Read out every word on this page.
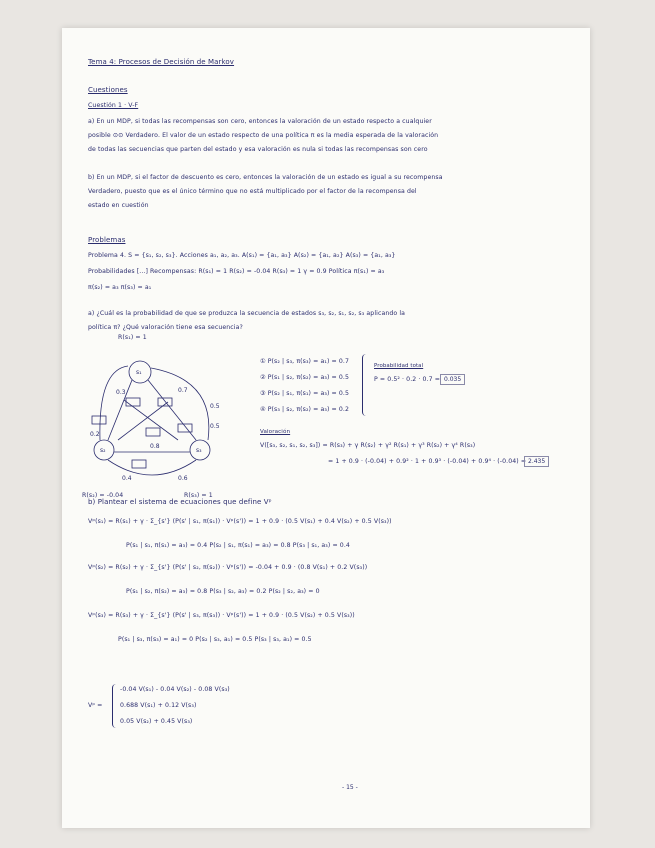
Tema 4: Procesos de Decisión de Markov
Cuestiones
Cuestión 1 · V-F
a) En un MDP, si todas las recompensas son cero, entonces la valoración de un estado respecto a cualquier
posible ⊙⊙ Verdadero. El valor de un estado respecto de una política π es la media esperada de la valoración
de todas las secuencias que parten del estado y esa valoración es nula si todas las recompensas son cero
b) En un MDP, si el factor de descuento es cero, entonces la valoración de un estado es igual a su recompensa
Verdadero, puesto que es el único término que no está multiplicado por el factor de la recompensa del
estado en cuestión
Problemas
Problema 4. S = {s₁, s₂, s₃}. Acciones a₁, a₂, a₃. A(s₁) = {a₁, a₃} A(s₂) = {a₁, a₂} A(s₃) = {a₁, a₃}
Probabilidades [...] Recompensas: R(s₁) = 1 R(s₂) = -0.04 R(s₃) = 1 γ = 0.9 Política π(s₁) = a₃
π(s₂) = a₃ π(s₃) = a₁
a) ¿Cuál es la probabilidad de que se produzca la secuencia de estados s₃, s₂, s₁, s₂, s₃ aplicando la
política π? ¿Qué valoración tiene esa secuencia?
s₁
s₂	s₃
0.3	0.7
0.5
0.5
0.2
0.8
0.4	0.6
R(s₁) = 1
R(s₂) = -0.04	R(s₃) = 1
① P(s₂ | s₃, π(s₃) = a₁) = 0.7
② P(s₁ | s₂, π(s₂) = a₃) = 0.5
③ P(s₂ | s₁, π(s₁) = a₃) = 0.5
④ P(s₃ | s₂, π(s₂) = a₃) = 0.2
Probabilidad total
P = 0.5² · 0.2 · 0.7 = 0.035
Valoración
V([s₃, s₂, s₁, s₂, s₃]) = R(s₃) + γ R(s₂) + γ² R(s₁) + γ³ R(s₂) + γ⁴ R(s₃)
= 1 + 0.9 · (-0.04) + 0.9² · 1 + 0.9³ · (-0.04) + 0.9⁴ · (-0.04) = 2.435
b) Plantear el sistema de ecuaciones que define Vᵖ
Vᵖ(s₁) = R(s₁) + γ · Σ_{s'} (P(s' | s₁, π(s₁)) · Vᵖ(s')) = 1 + 0.9 · (0.5 V(s₁) + 0.4 V(s₂) + 0.5 V(s₃))
P(s₁ | s₁, π(s₁) = a₃) = 0.4 P(s₂ | s₁, π(s₁) = a₃) = 0.8 P(s₃ | s₁, a₃) = 0.4
Vᵖ(s₂) = R(s₂) + γ · Σ_{s'} (P(s' | s₂, π(s₂)) · Vᵖ(s')) = -0.04 + 0.9 · (0.8 V(s₁) + 0.2 V(s₃))
P(s₁ | s₂, π(s₂) = a₃) = 0.8 P(s₃ | s₂, a₃) = 0.2 P(s₂ | s₂, a₃) = 0
Vᵖ(s₃) = R(s₃) + γ · Σ_{s'} (P(s' | s₃, π(s₃)) · Vᵖ(s')) = 1 + 0.9 · (0.5 V(s₂) + 0.5 V(s₃))
P(s₁ | s₃, π(s₃) = a₁) = 0 P(s₂ | s₃, a₁) = 0.5 P(s₃ | s₃, a₁) = 0.5
Vᵖ =
-0.04 V(s₁) - 0.04 V(s₂) - 0.08 V(s₃)
0.688 V(s₁) + 0.12 V(s₃)
0.05 V(s₂) + 0.45 V(s₃)
- 15 -
